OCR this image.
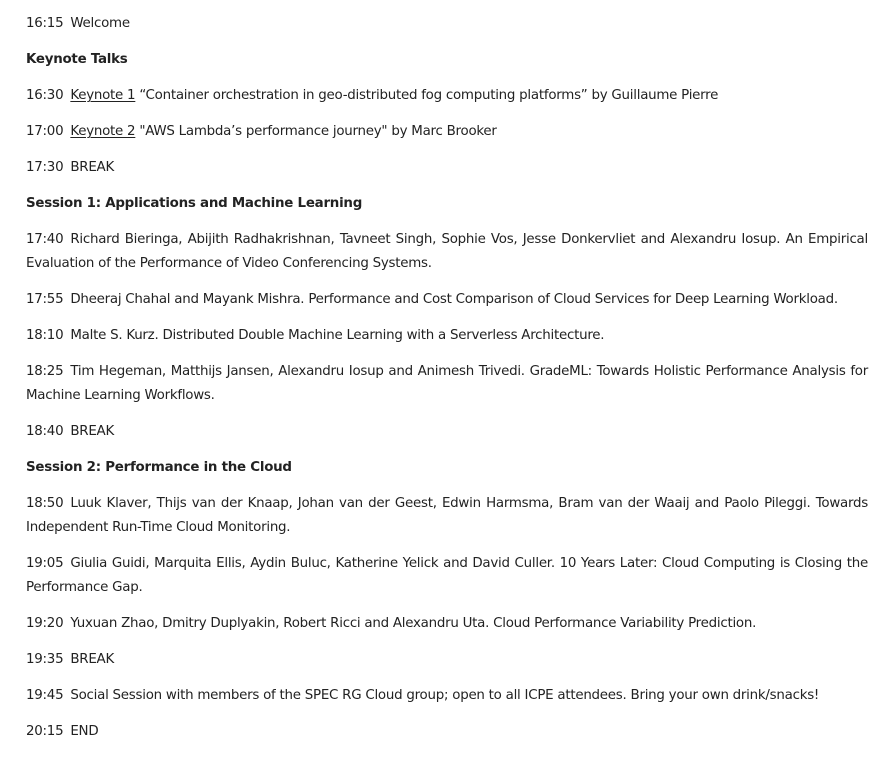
16:15 Welcome

Keynote Talks

16:30 Keynote 1 “Container orchestration in geo-distributed fog computing platforms” by Guillaume Pierre

17:00 Keynote 2 "AWS Lambda’s performance journey" by Marc Brooker

17:30 BREAK

Session 1: Applications and Machine Learning

17:40 Richard Bieringa, Abijith Radhakrishnan, Tavneet Singh, Sophie Vos, Jesse Donkervliet and Alexandru Iosup. An Empirical Evaluation of the Performance of Video Conferencing Systems.

17:55 Dheeraj Chahal and Mayank Mishra. Performance and Cost Comparison of Cloud Services for Deep Learning Workload.

18:10 Malte S. Kurz. Distributed Double Machine Learning with a Serverless Architecture.

18:25 Tim Hegeman, Matthijs Jansen, Alexandru Iosup and Animesh Trivedi. GradeML: Towards Holistic Performance Analysis for Machine Learning Workflows.

18:40 BREAK

Session 2: Performance in the Cloud

18:50 Luuk Klaver, Thijs van der Knaap, Johan van der Geest, Edwin Harmsma, Bram van der Waaij and Paolo Pileggi. Towards Independent Run-Time Cloud Monitoring.

19:05 Giulia Guidi, Marquita Ellis, Aydin Buluc, Katherine Yelick and David Culler. 10 Years Later: Cloud Computing is Closing the Performance Gap.

19:20 Yuxuan Zhao, Dmitry Duplyakin, Robert Ricci and Alexandru Uta. Cloud Performance Variability Prediction.

19:35 BREAK

19:45 Social Session with members of the SPEC RG Cloud group; open to all ICPE attendees. Bring your own drink/snacks!

20:15 END
